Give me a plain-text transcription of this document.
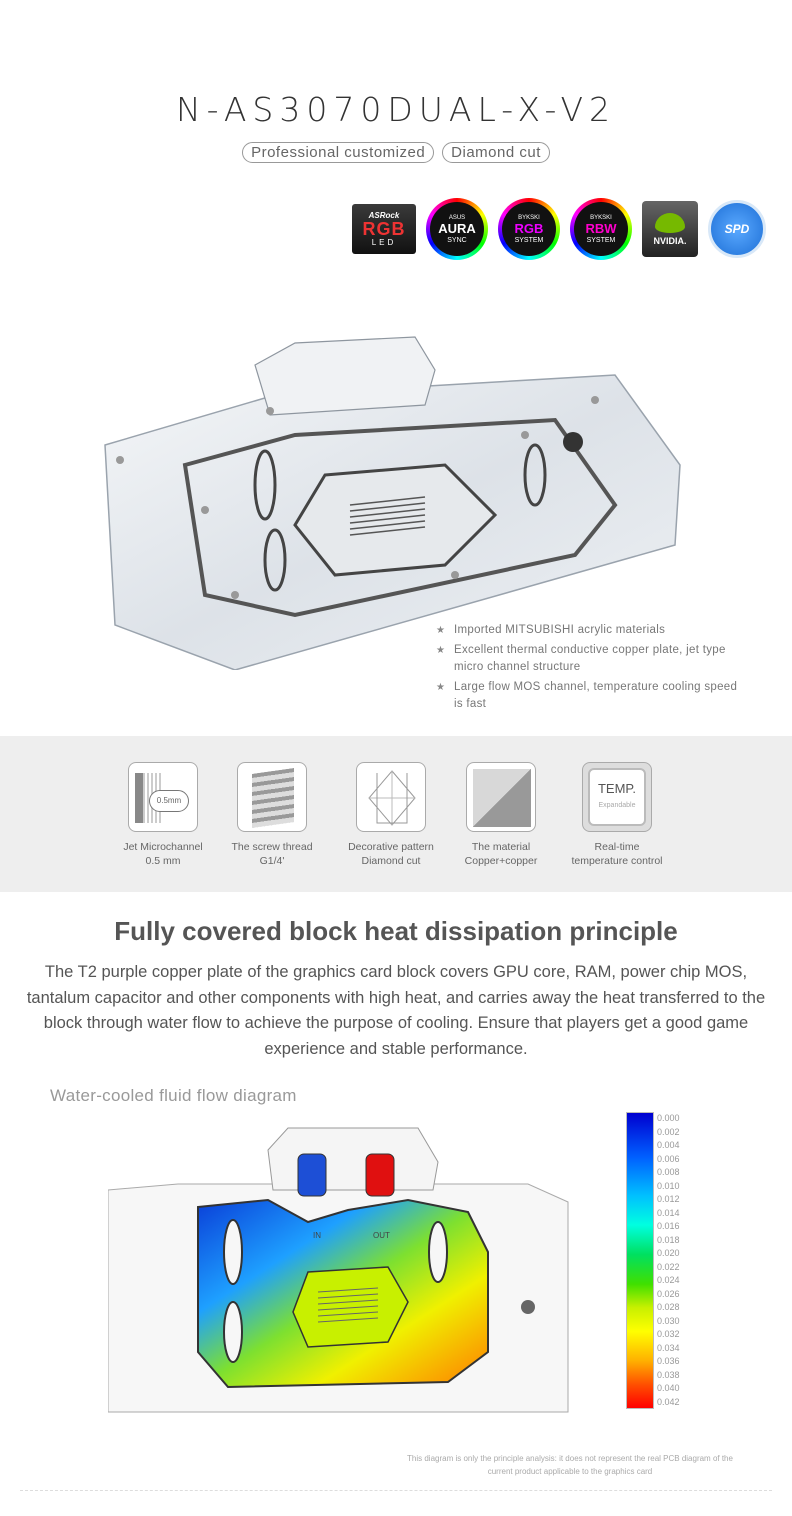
N-AS3070DUAL-X-V2
Professional customized	Diamond cut
ASRock
RGB
LED
ASUS
AURA
SYNC
BYKSKI
RGB
SYSTEM
BYKSKI
RBW
SYSTEM	NVIDIA.
SPD
★ Imported MITSUBISHI acrylic materials
★ Excellent thermal conductive copper plate, jet type micro channel structure
★ Large flow MOS channel, temperature cooling speed is fast
0.5mm
Jet Microchannel
0.5 mm
The screw thread
G1/4'
Decorative pattern
Diamond cut
The material
Copper+copper
TEMP.
Expandable
Real-time
temperature control
Fully covered block heat dissipation principle
The T2 purple copper plate of the graphics card block covers GPU core, RAM, power chip MOS, tantalum capacitor and other components with high heat, and carries away the heat transferred to the block through water flow to achieve the purpose of cooling. Ensure that players get a good game experience and stable performance.
Water-cooled fluid flow diagram
IN	OUT
0.000
0.002
0.004
0.006
0.008
0.010
0.012
0.014
0.016
0.018
0.020
0.022
0.024
0.026
0.028
0.030
0.032
0.034
0.036
0.038
0.040
0.042
This diagram is only the principle analysis: it does not represent the real PCB diagram of the current product applicable to the graphics card
